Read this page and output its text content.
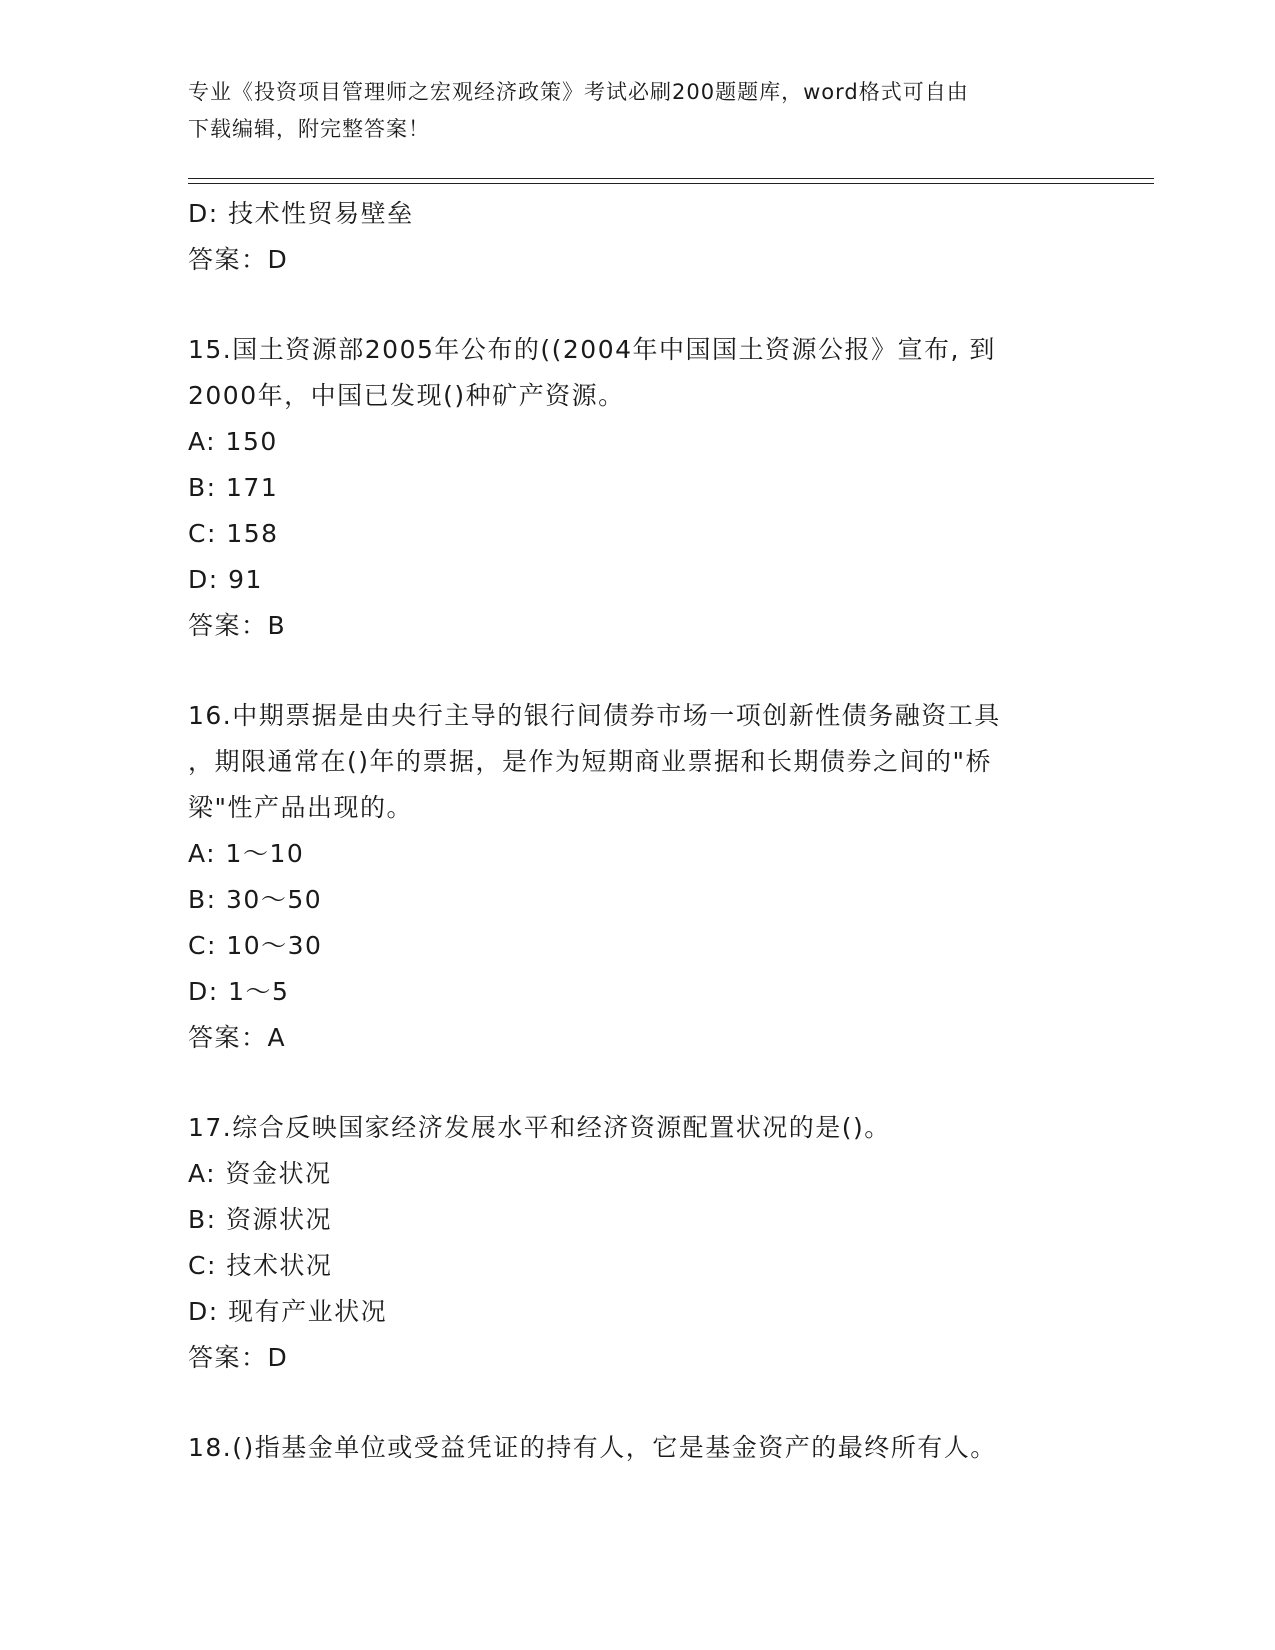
专业《投资项目管理师之宏观经济政策》考试必刷200题题库，word格式可自由
下载编辑，附完整答案！
D: 技术性贸易壁垒
答案：D
15.国土资源部2005年公布的((2004年中国国土资源公报》宣布, 到
2000年，中国已发现()种矿产资源。
A: 150
B: 171
C: 158
D: 91
答案：B
16.中期票据是由央行主导的银行间债券市场一项创新性债务融资工具
，期限通常在()年的票据，是作为短期商业票据和长期债券之间的"桥
梁"性产品出现的。
A: 1～10
B: 30～50
C: 10～30
D: 1～5
答案：A
17.综合反映国家经济发展水平和经济资源配置状况的是()。
A: 资金状况
B: 资源状况
C: 技术状况
D: 现有产业状况
答案：D
18.()指基金单位或受益凭证的持有人，它是基金资产的最终所有人。
